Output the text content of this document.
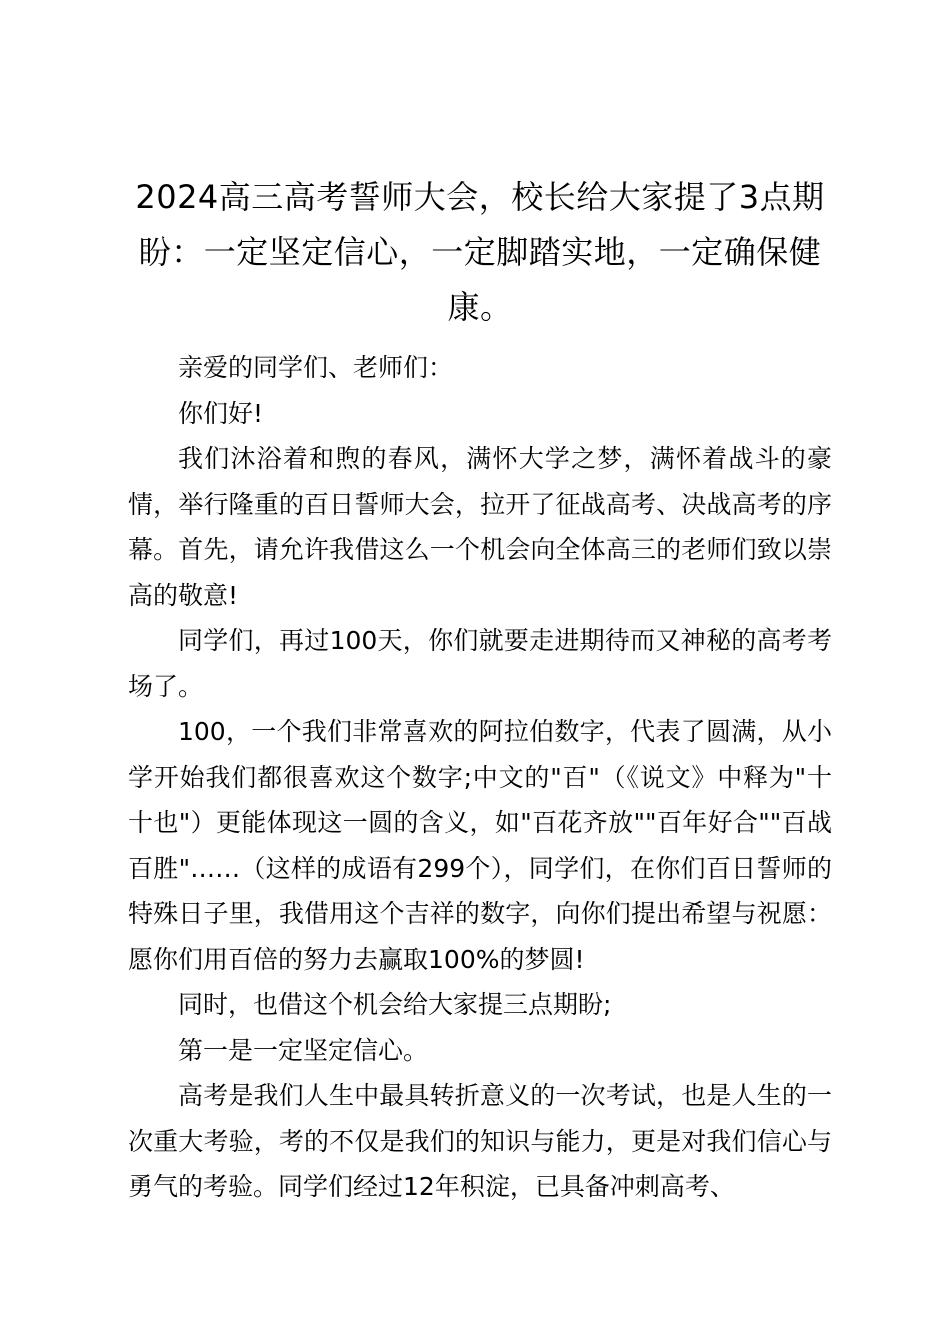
2024高三高考誓师大会，校长给大家提了3点期盼：一定坚定信心，一定脚踏实地，一定确保健康。

亲爱的同学们、老师们：

你们好!

我们沐浴着和煦的春风，满怀大学之梦，满怀着战斗的豪情，举行隆重的百日誓师大会，拉开了征战高考、决战高考的序幕。首先，请允许我借这么一个机会向全体高三的老师们致以崇高的敬意!

同学们，再过100天，你们就要走进期待而又神秘的高考考场了。

100，一个我们非常喜欢的阿拉伯数字，代表了圆满，从小学开始我们都很喜欢这个数字;中文的"百"（《说文》中释为"十十也"）更能体现这一圆的含义，如"百花齐放""百年好合""百战百胜"……（这样的成语有299个），同学们，在你们百日誓师的特殊日子里，我借用这个吉祥的数字，向你们提出希望与祝愿：愿你们用百倍的努力去赢取100%的梦圆!

同时，也借这个机会给大家提三点期盼;

第一是一定坚定信心。

高考是我们人生中最具转折意义的一次考试，也是人生的一次重大考验，考的不仅是我们的知识与能力，更是对我们信心与勇气的考验。同学们经过12年积淀，已具备冲刺高考、
